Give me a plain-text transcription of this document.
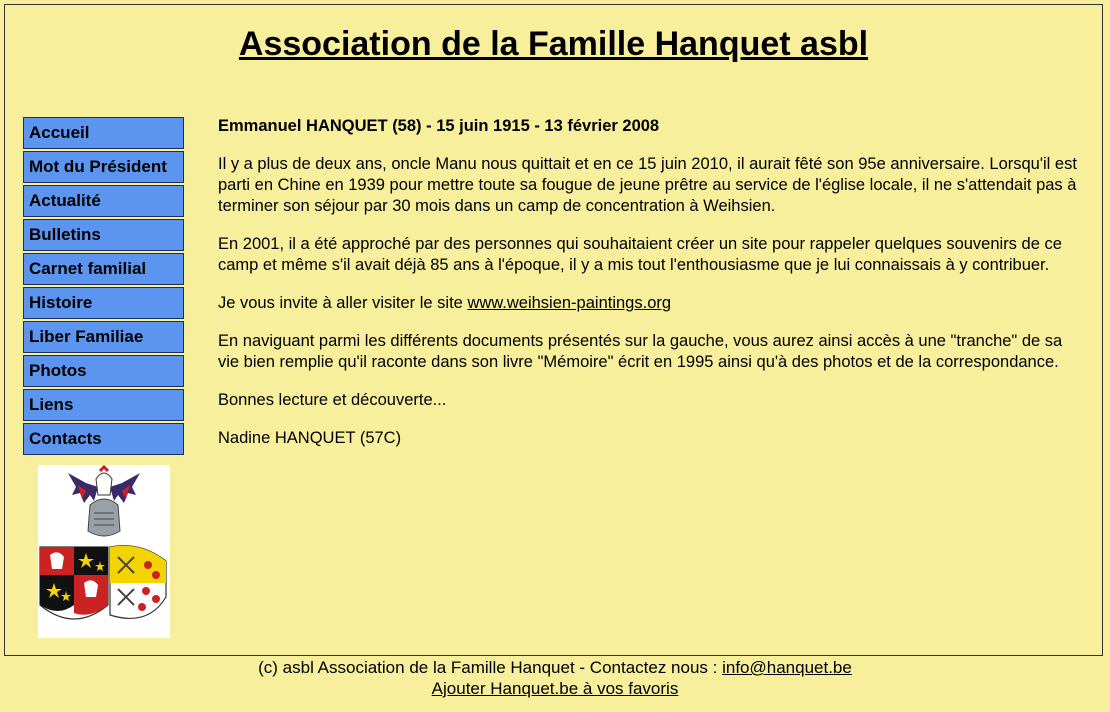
Association de la Famille Hanquet asbl
Accueil
Mot du Président
Actualité
Bulletins
Carnet familial
Histoire
Liber Familiae
Photos
Liens
Contacts

Emmanuel HANQUET (58) - 15 juin 1915 - 13 février 2008

Il y a plus de deux ans, oncle Manu nous quittait et en ce 15 juin 2010, il aurait fêté son 95e anniversaire. Lorsqu'il est parti en Chine en 1939 pour mettre toute sa fougue de jeune prêtre au service de l'église locale, il ne s'attendait pas à terminer son séjour par 30 mois dans un camp de concentration à Weihsien.

En 2001, il a été approché par des personnes qui souhaitaient créer un site pour rappeler quelques souvenirs de ce camp et même s'il avait déjà 85 ans à l'époque, il y a mis tout l'enthousiasme que je lui connaissais à y contribuer.

Je vous invite à aller visiter le site www.weihsien-paintings.org

En naviguant parmi les différents documents présentés sur la gauche, vous aurez ainsi accès à une "tranche" de sa vie bien remplie qu'il raconte dans son livre "Mémoire" écrit en 1995 ainsi qu'à des photos et de la correspondance.

Bonnes lecture et découverte...

Nadine HANQUET (57C)

(c) asbl Association de la Famille Hanquet - Contactez nous : info@hanquet.be
Ajouter Hanquet.be à vos favoris
